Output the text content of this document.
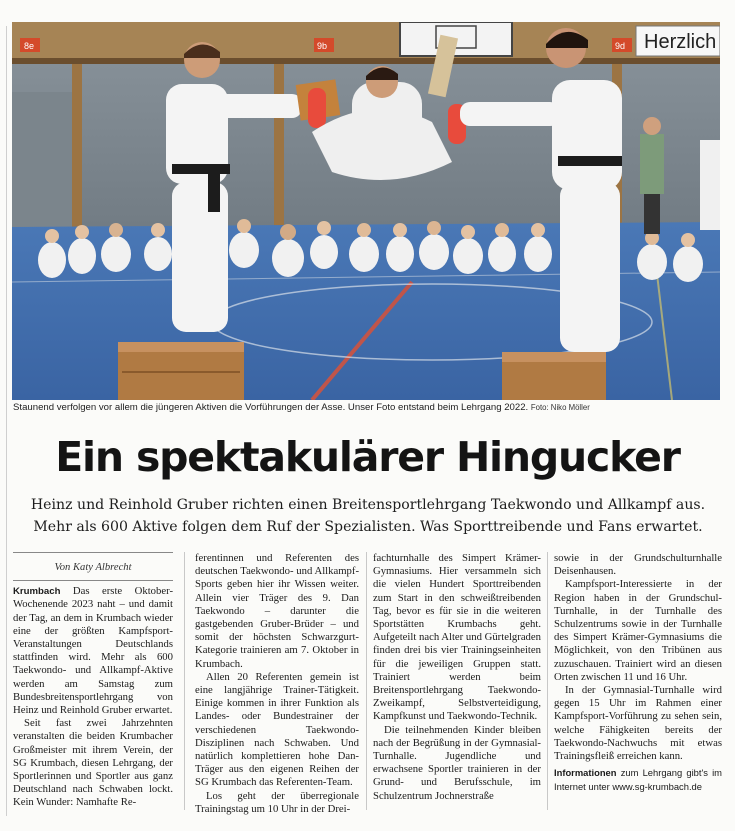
Herzlich
8e	9b	9d
Staunend verfolgen vor allem die jüngeren Aktiven die Vorführungen der Asse. Unser Foto entstand beim Lehrgang 2022. Foto: Niko Möller
Ein spektakulärer Hingucker
Heinz und Reinhold Gruber richten einen Breitensportlehrgang Taekwondo und Allkampf aus.
Mehr als 600 Aktive folgen dem Ruf der Spezialisten. Was Sporttreibende und Fans erwartet.
Von Katy Albrecht

Krumbach Das erste Oktober-Wochenende 2023 naht – und damit der Tag, an dem in Krumbach wieder eine der größten Kampfsport-Veranstaltungen Deutschlands stattfinden wird. Mehr als 600 Taekwondo- und Allkampf-Aktive werden am Samstag zum Bundesbreitensportlehrgang von Heinz und Reinhold Gruber erwartet.

Seit fast zwei Jahrzehnten veranstalten die beiden Krumbacher Großmeister mit ihrem Verein, der SG Krumbach, diesen Lehrgang, der Sportlerinnen und Sportler aus ganz Deutschland nach Schwaben lockt. Kein Wunder: Namhafte Re-

ferentinnen und Referenten des deutschen Taekwondo- und Allkampf-Sports geben hier ihr Wissen weiter. Allein vier Träger des 9. Dan Taekwondo – darunter die gastgebenden Gruber-Brüder – und somit der höchsten Schwarzgurt-Kategorie trainieren am 7. Oktober in Krumbach.

Allen 20 Referenten gemein ist eine langjährige Trainer-Tätigkeit. Einige kommen in ihrer Funktion als Landes- oder Bundestrainer der verschiedenen Taekwondo-Disziplinen nach Schwaben. Und natürlich komplettieren hohe Dan-Träger aus den eigenen Reihen der SG Krumbach das Referenten-Team.

Los geht der überregionale Trainingstag um 10 Uhr in der Drei-

fachturnhalle des Simpert Krämer-Gymnasiums. Hier versammeln sich die vielen Hundert Sporttreibenden zum Start in den schweißtreibenden Tag, bevor es für sie in die weiteren Sportstätten Krumbachs geht. Aufgeteilt nach Alter und Gürtelgraden finden drei bis vier Trainingseinheiten für die jeweiligen Gruppen statt. Trainiert werden beim Breitensportlehrgang Taekwondo-Zweikampf, Selbstverteidigung, Kampfkunst und Taekwondo-Technik.

Die teilnehmenden Kinder bleiben nach der Begrüßung in der Gymnasial-Turnhalle. Jugendliche und erwachsene Sportler trainieren in der Grund- und Berufsschule, im Schulzentrum Jochnerstraße

sowie in der Grundschulturnhalle Deisenhausen.

Kampfsport-Interessierte in der Region haben in der Grundschul-Turnhalle, in der Turnhalle des Schulzentrums sowie in der Turnhalle des Simpert Krämer-Gymnasiums die Möglichkeit, von den Tribünen aus zuzuschauen. Trainiert wird an diesen Orten zwischen 11 und 16 Uhr.

In der Gymnasial-Turnhalle wird gegen 15 Uhr im Rahmen einer Kampfsport-Vorführung zu sehen sein, welche Fähigkeiten bereits der Taekwondo-Nachwuchs mit etwas Trainingsfleiß erreichen kann.

Informationen zum Lehrgang gibt's im Internet unter www.sg-krumbach.de
